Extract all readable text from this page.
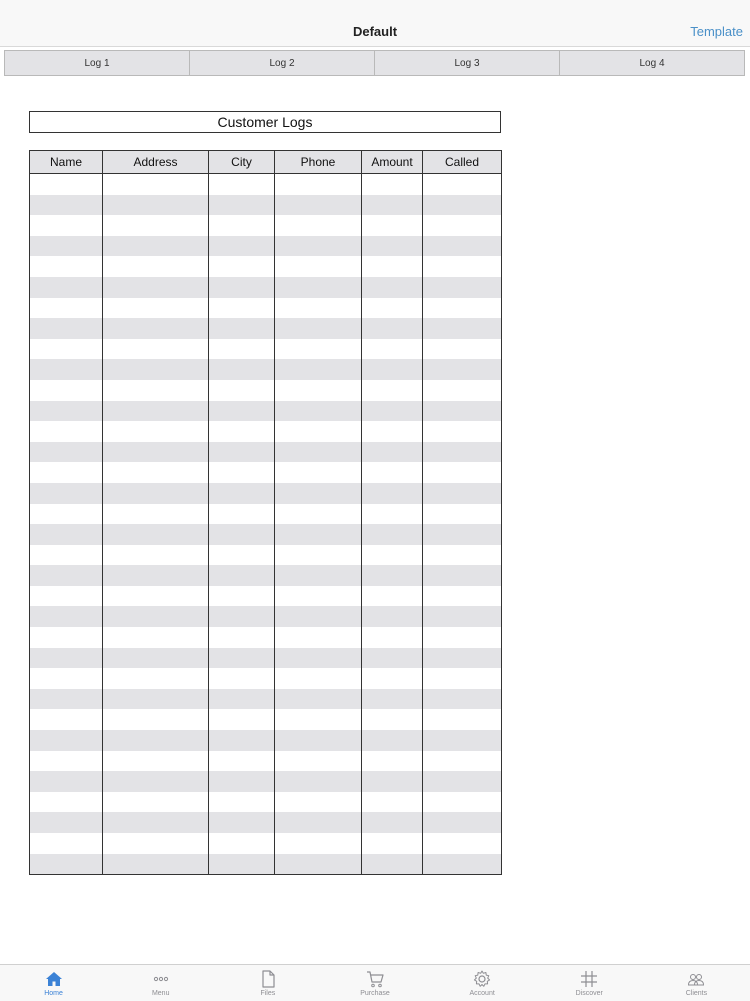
Default	Template
Log 1	Log 2	Log 3	Log 4
Customer Logs
Name	Address	City	Phone	Amount	Called

Home	Menu	Files	Purchase	Account	Discover	Clients
